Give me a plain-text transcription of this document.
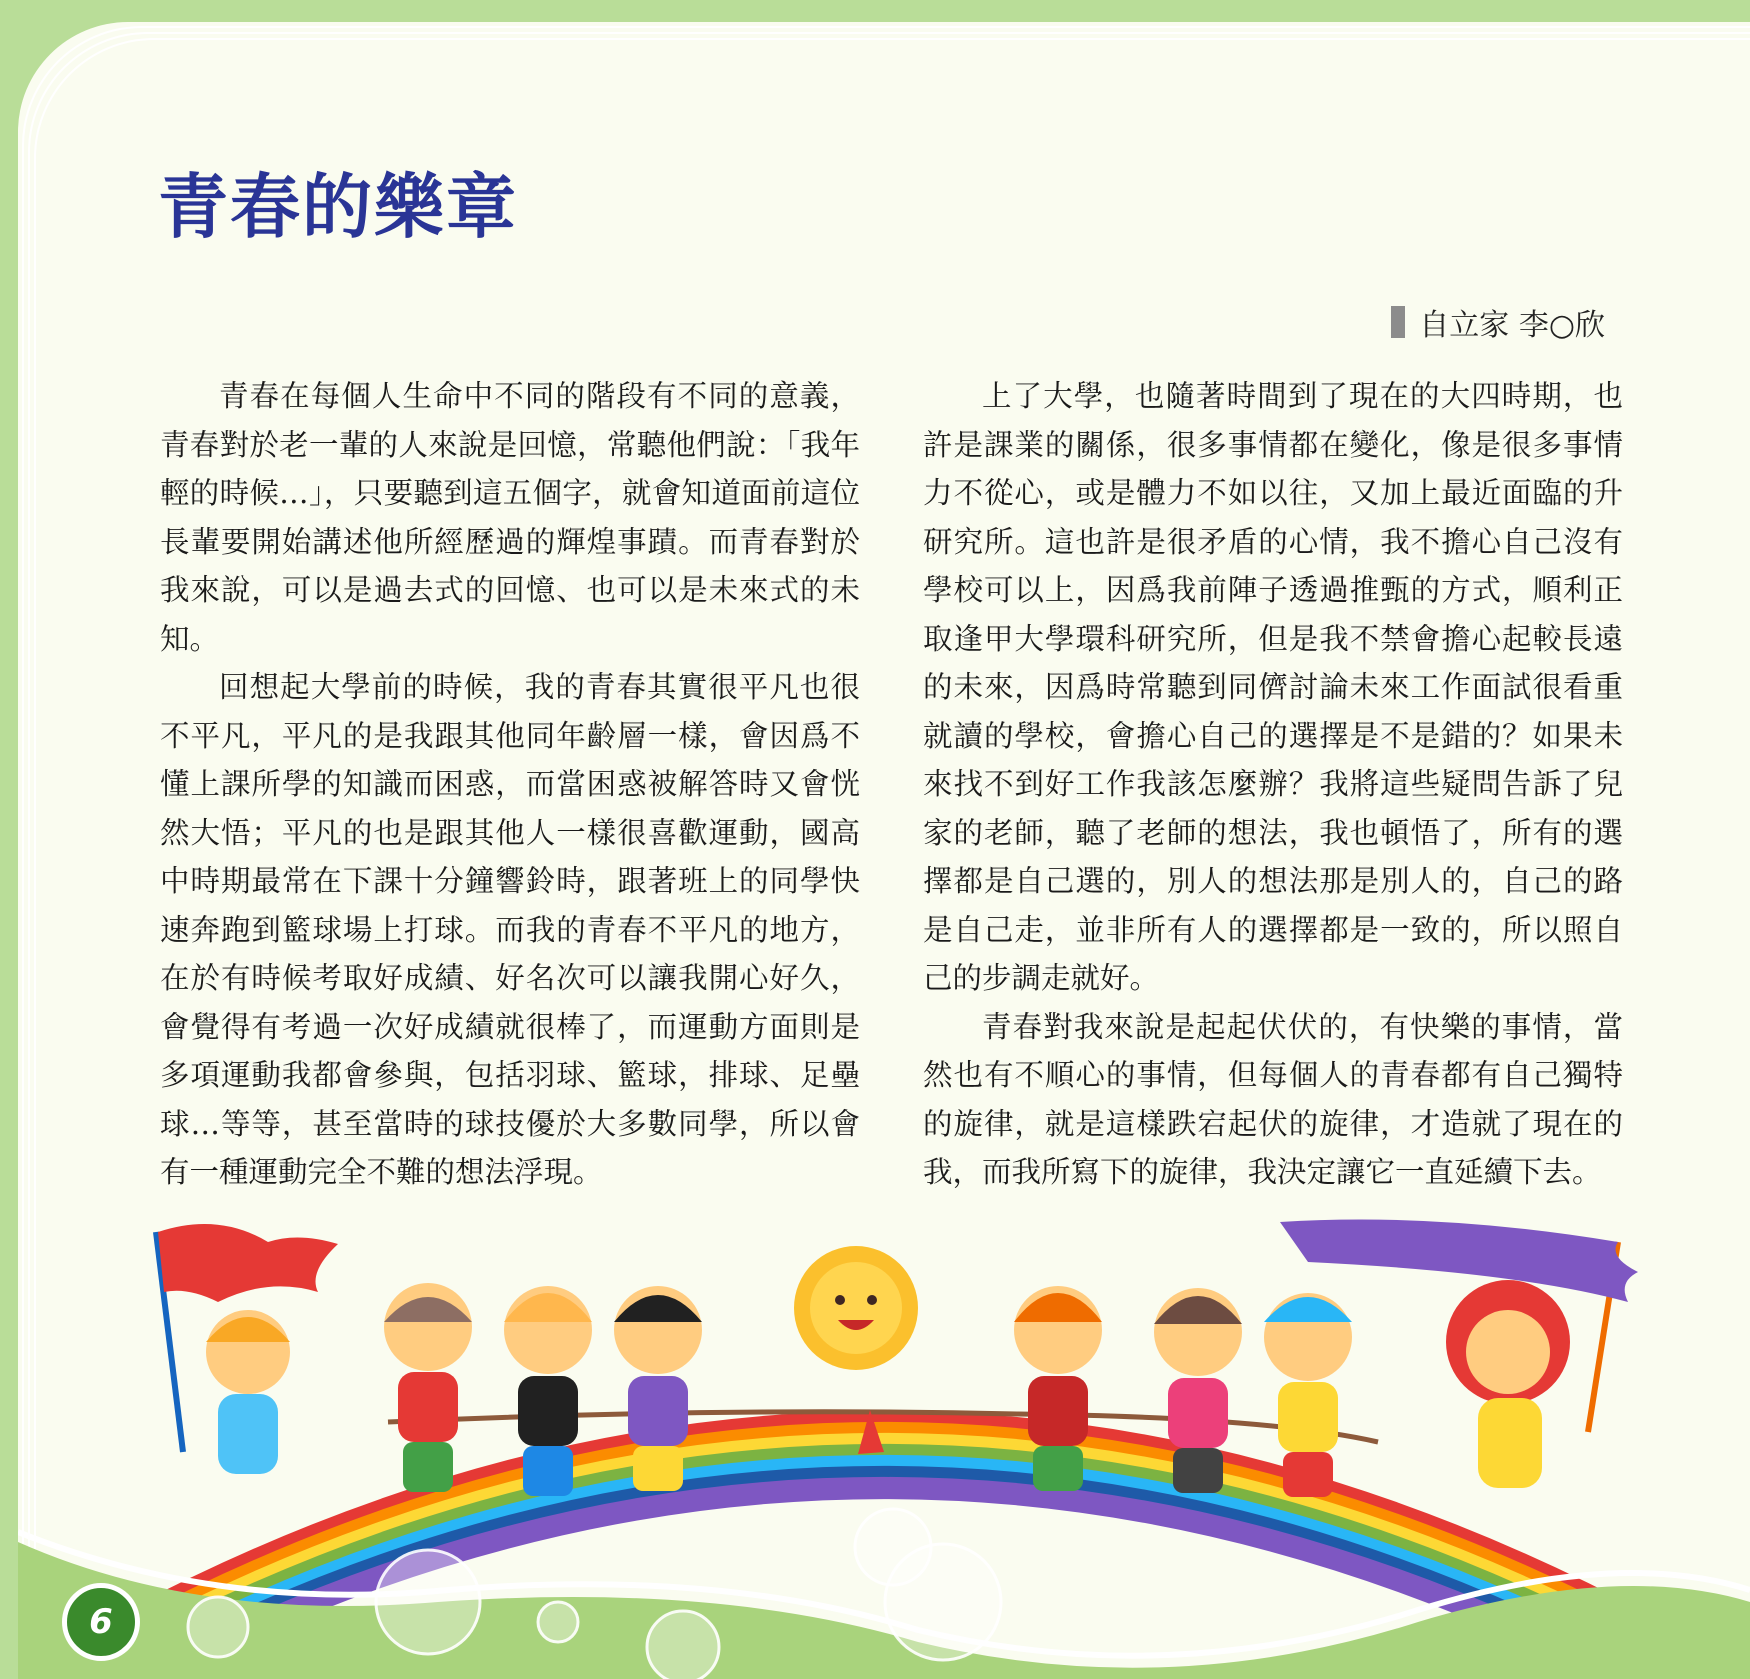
青春的樂章
自立家 李○欣

青春在每個人生命中不同的階段有不同的意義，青春對於老一輩的人來說是回憶，常聽他們說：「我年輕的時候…」，只要聽到這五個字，就會知道面前這位長輩要開始講述他所經歷過的輝煌事蹟。而青春對於我來說，可以是過去式的回憶、也可以是未來式的未知。

回想起大學前的時候，我的青春其實很平凡也很不平凡，平凡的是我跟其他同年齡層一樣，會因爲不懂上課所學的知識而困惑，而當困惑被解答時又會恍然大悟；平凡的也是跟其他人一樣很喜歡運動，國高中時期最常在下課十分鐘響鈴時，跟著班上的同學快速奔跑到籃球場上打球。而我的青春不平凡的地方，在於有時候考取好成績、好名次可以讓我開心好久，會覺得有考過一次好成績就很棒了，而運動方面則是多項運動我都會參與，包括羽球、籃球，排球、足壘球…等等，甚至當時的球技優於大多數同學，所以會有一種運動完全不難的想法浮現。

上了大學，也隨著時間到了現在的大四時期，也許是課業的關係，很多事情都在變化，像是很多事情力不從心，或是體力不如以往，又加上最近面臨的升研究所。這也許是很矛盾的心情，我不擔心自己沒有學校可以上，因爲我前陣子透過推甄的方式，順利正取逢甲大學環科研究所，但是我不禁會擔心起較長遠的未來，因爲時常聽到同儕討論未來工作面試很看重就讀的學校，會擔心自己的選擇是不是錯的？如果未來找不到好工作我該怎麼辦？我將這些疑問告訴了兒家的老師，聽了老師的想法，我也頓悟了，所有的選擇都是自己選的，別人的想法那是別人的，自己的路是自己走，並非所有人的選擇都是一致的，所以照自己的步調走就好。

青春對我來說是起起伏伏的，有快樂的事情，當然也有不順心的事情，但每個人的青春都有自己獨特的旋律，就是這樣跌宕起伏的旋律，才造就了現在的我，而我所寫下的旋律，我決定讓它一直延續下去。

6
